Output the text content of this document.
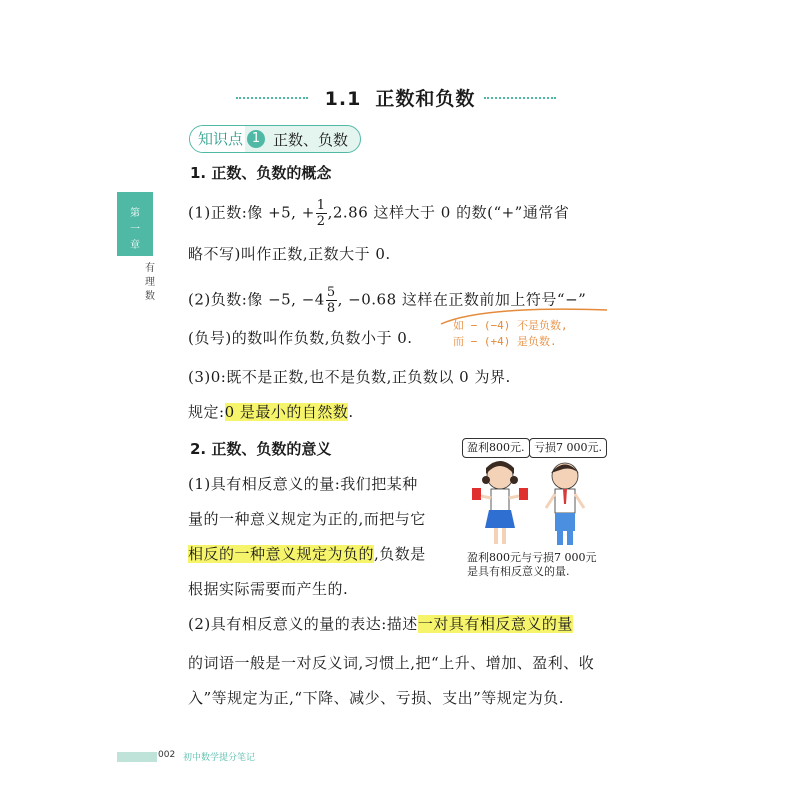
1.1 正数和负数
知识点 1 正数、负数
第
一
章
有理数
1. 正数、负数的概念
(1)正数:像 +5, + $\frac{1}{2} ,2.86$ 这样大于 0 的数(“+”通常省
略不写)叫作正数,正数大于 0.
(2)负数:像 −5, $-4 \frac{5}{8}$ , −0.68 这样在正数前加上符号“−”
(负号)的数叫作负数,负数小于 0.
如 − (−4) 不是负数,
而 − (+4) 是负数.
(3)0:既不是正数,也不是负数,正负数以 0 为界.
规定:0 是最小的自然数.
2. 正数、负数的意义
(1)具有相反意义的量:我们把某种
量的一种意义规定为正的,而把与它
相反的一种意义规定为负的,负数是
根据实际需要而产生的.
(2)具有相反意义的量的表达:描述一对具有相反意义的量
的词语一般是一对反义词,习惯上,把“上升、增加、盈利、收
入”等规定为正,“下降、减少、亏损、支出”等规定为负.
盈利800元. 亏损7 000元.
盈利800元与亏损7 000元
是具有相反意义的量.
002 初中数学提分笔记
